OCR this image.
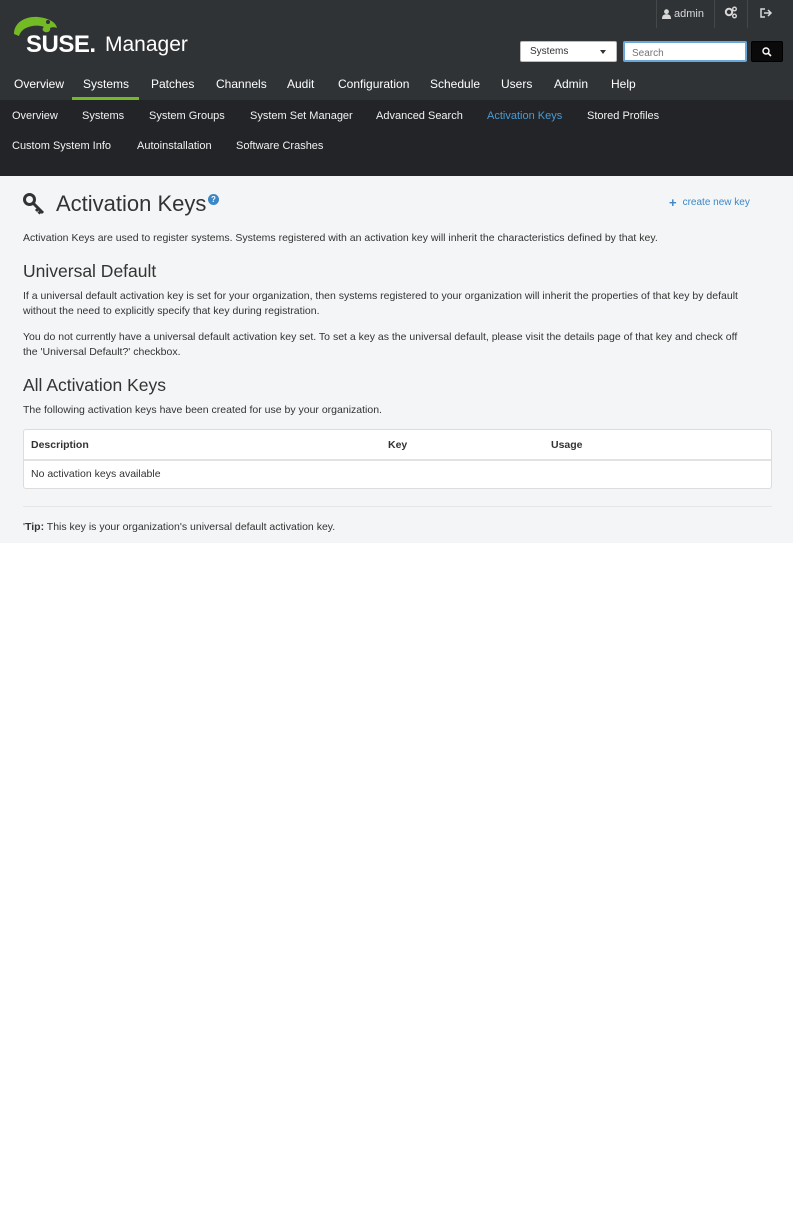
SUSE. Manager
admin
Systems
Search
Overview Systems Patches Channels Audit Configuration Schedule Users Admin Help
Overview Systems System Groups System Set Manager Advanced Search Activation Keys Stored Profiles
Custom System Info Autoinstallation Software Crashes
Activation Keys ?	+ create new key

Activation Keys are used to register systems. Systems registered with an activation key will inherit the characteristics defined by that key.

Universal Default

If a universal default activation key is set for your organization, then systems registered to your organization will inherit the properties of that key by default

without the need to explicitly specify that key during registration.

You do not currently have a universal default activation key set. To set a key as the universal default, please visit the details page of that key and check off

the 'Universal Default?' checkbox.

All Activation Keys

The following activation keys have been created for use by your organization.

Description	Key	Usage
No activation keys available

'Tip: This key is your organization's universal default activation key.
